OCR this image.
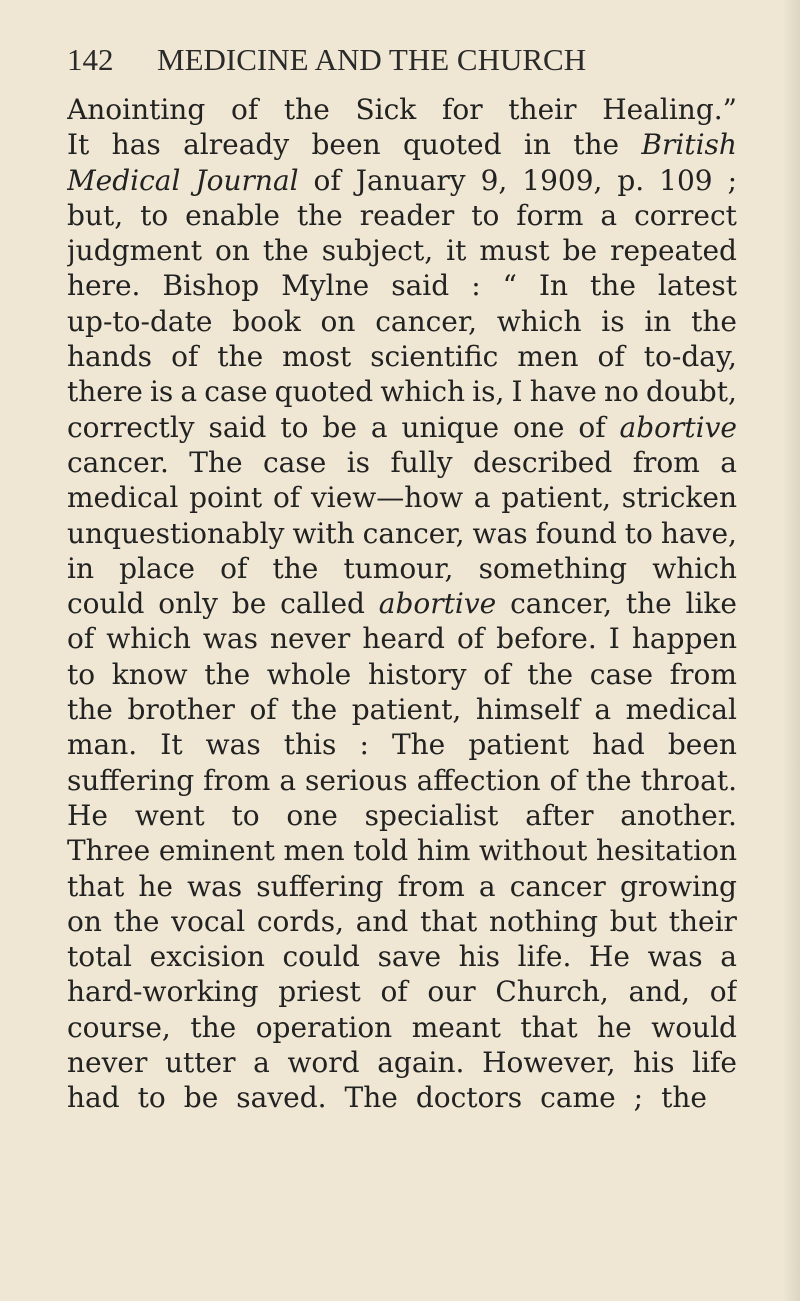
142 MEDICINE AND THE CHURCH
Anointing of the Sick for their Healing.”
It has already been quoted in the British
Medical Journal of January 9, 1909, p. 109 ;
but, to enable the reader to form a correct
judgment on the subject, it must be repeated
here. Bishop Mylne said : “ In the latest
up-to-date book on cancer, which is in the
hands of the most scientific men of to-day,
there is a case quoted which is, I have no doubt,
correctly said to be a unique one of abortive
cancer. The case is fully described from a
medical point of view—how a patient, stricken
unquestionably with cancer, was found to have,
in place of the tumour, something which
could only be called abortive cancer, the like
of which was never heard of before. I happen
to know the whole history of the case from
the brother of the patient, himself a medical
man. It was this : The patient had been
suffering from a serious affection of the throat.
He went to one specialist after another.
Three eminent men told him without hesitation
that he was suffering from a cancer growing
on the vocal cords, and that nothing but their
total excision could save his life. He was a
hard-working priest of our Church, and, of
course, the operation meant that he would
never utter a word again. However, his life
had to be saved. The doctors came ; the
